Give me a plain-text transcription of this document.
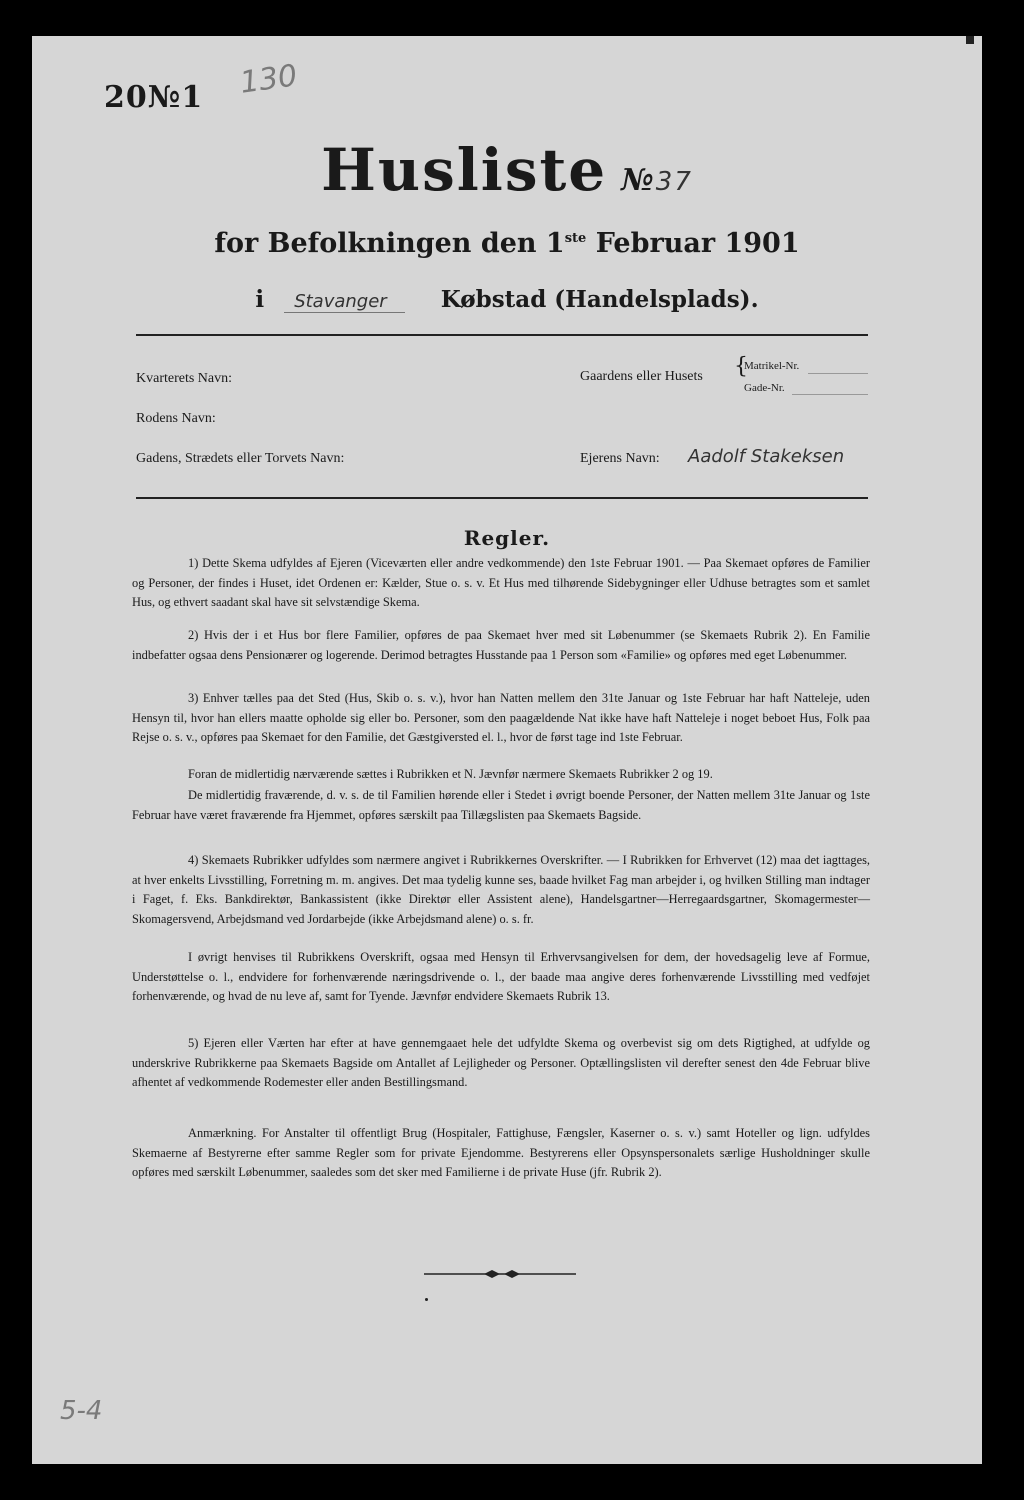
20№1 130
Husliste №37
for Befolkningen den 1ste Februar 1901
i Stavanger Købstad (Handelsplads).
Kvarterets Navn:
Rodens Navn:
Gadens, Strædets eller Torvets Navn:
Gaardens eller Husets {
Matrikel-Nr.
Gade-Nr.
Ejerens Navn: Aadolf Stakeksen
Regler.
1) Dette Skema udfyldes af Ejeren (Viceværten eller andre vedkommende) den 1ste Februar 1901. — Paa Skemaet opføres de Familier og Personer, der findes i Huset, idet Ordenen er: Kælder, Stue o. s. v. Et Hus med tilhørende Sidebygninger eller Udhuse betragtes som et samlet Hus, og ethvert saadant skal have sit selvstændige Skema.
2) Hvis der i et Hus bor flere Familier, opføres de paa Skemaet hver med sit Løbenummer (se Skemaets Rubrik 2). En Familie indbefatter ogsaa dens Pensionærer og logerende. Derimod betragtes Husstande paa 1 Person som «Familie» og opføres med eget Løbenummer.
3) Enhver tælles paa det Sted (Hus, Skib o. s. v.), hvor han Natten mellem den 31te Januar og 1ste Februar har haft Natteleje, uden Hensyn til, hvor han ellers maatte opholde sig eller bo. Personer, som den paagældende Nat ikke have haft Natteleje i noget beboet Hus, Folk paa Rejse o. s. v., opføres paa Skemaet for den Familie, det Gæstgiversted el. l., hvor de først tage ind 1ste Februar.
Foran de midlertidig nærværende sættes i Rubrikken et N. Jævnfør nærmere Skemaets Rubrikker 2 og 19.
De midlertidig fraværende, d. v. s. de til Familien hørende eller i Stedet i øvrigt boende Personer, der Natten mellem 31te Januar og 1ste Februar have været fraværende fra Hjemmet, opføres særskilt paa Tillægslisten paa Skemaets Bagside.
4) Skemaets Rubrikker udfyldes som nærmere angivet i Rubrikkernes Overskrifter. — I Rubrikken for Erhvervet (12) maa det iagttages, at hver enkelts Livsstilling, Forretning m. m. angives. Det maa tydelig kunne ses, baade hvilket Fag man arbejder i, og hvilken Stilling man indtager i Faget, f. Eks. Bankdirektør, Bankassistent (ikke Direktør eller Assistent alene), Handelsgartner—Herregaardsgartner, Skomagermester—Skomagersvend, Arbejdsmand ved Jordarbejde (ikke Arbejdsmand alene) o. s. fr.
I øvrigt henvises til Rubrikkens Overskrift, ogsaa med Hensyn til Erhvervsangivelsen for dem, der hovedsagelig leve af Formue, Understøttelse o. l., endvidere for forhenværende næringsdrivende o. l., der baade maa angive deres forhenværende Livsstilling med vedføjet forhenværende, og hvad de nu leve af, samt for Tyende. Jævnfør endvidere Skemaets Rubrik 13.
5) Ejeren eller Værten har efter at have gennemgaaet hele det udfyldte Skema og overbevist sig om dets Rigtighed, at udfylde og underskrive Rubrikkerne paa Skemaets Bagside om Antallet af Lejligheder og Personer. Optællingslisten vil derefter senest den 4de Februar blive afhentet af vedkommende Rodemester eller anden Bestillingsmand.
Anmærkning. For Anstalter til offentligt Brug (Hospitaler, Fattighuse, Fængsler, Kaserner o. s. v.) samt Hoteller og lign. udfyldes Skemaerne af Bestyrerne efter samme Regler som for private Ejendomme. Bestyrerens eller Opsynspersonalets særlige Husholdninger skulle opføres med særskilt Løbenummer, saaledes som det sker med Familierne i de private Huse (jfr. Rubrik 2).
5-4
